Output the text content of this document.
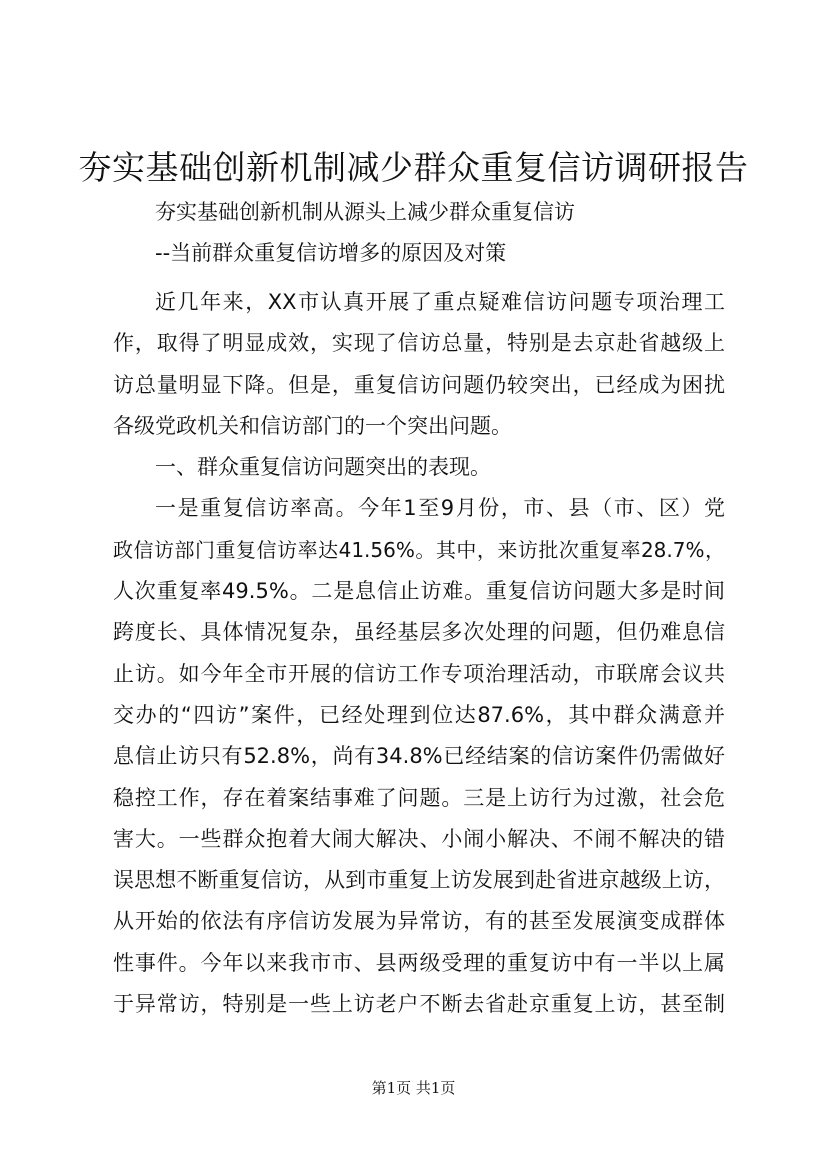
夯实基础创新机制减少群众重复信访调研报告
夯实基础创新机制从源头上减少群众重复信访
--当前群众重复信访增多的原因及对策
近几年来，XX市认真开展了重点疑难信访问题专项治理工
作，取得了明显成效，实现了信访总量，特别是去京赴省越级上
访总量明显下降。但是，重复信访问题仍较突出，已经成为困扰
各级党政机关和信访部门的一个突出问题。
一、群众重复信访问题突出的表现。
一是重复信访率高。今年1至9月份，市、县（市、区）党
政信访部门重复信访率达41.56%。其中，来访批次重复率28.7%，
人次重复率49.5%。二是息信止访难。重复信访问题大多是时间
跨度长、具体情况复杂，虽经基层多次处理的问题，但仍难息信
止访。如今年全市开展的信访工作专项治理活动，市联席会议共
交办的“四访”案件，已经处理到位达87.6%，其中群众满意并
息信止访只有52.8%，尚有34.8%已经结案的信访案件仍需做好
稳控工作，存在着案结事难了问题。三是上访行为过激，社会危
害大。一些群众抱着大闹大解决、小闹小解决、不闹不解决的错
误思想不断重复信访，从到市重复上访发展到赴省进京越级上访，
从开始的依法有序信访发展为异常访，有的甚至发展演变成群体
性事件。今年以来我市市、县两级受理的重复访中有一半以上属
于异常访，特别是一些上访老户不断去省赴京重复上访，甚至制
第1页 共1页
